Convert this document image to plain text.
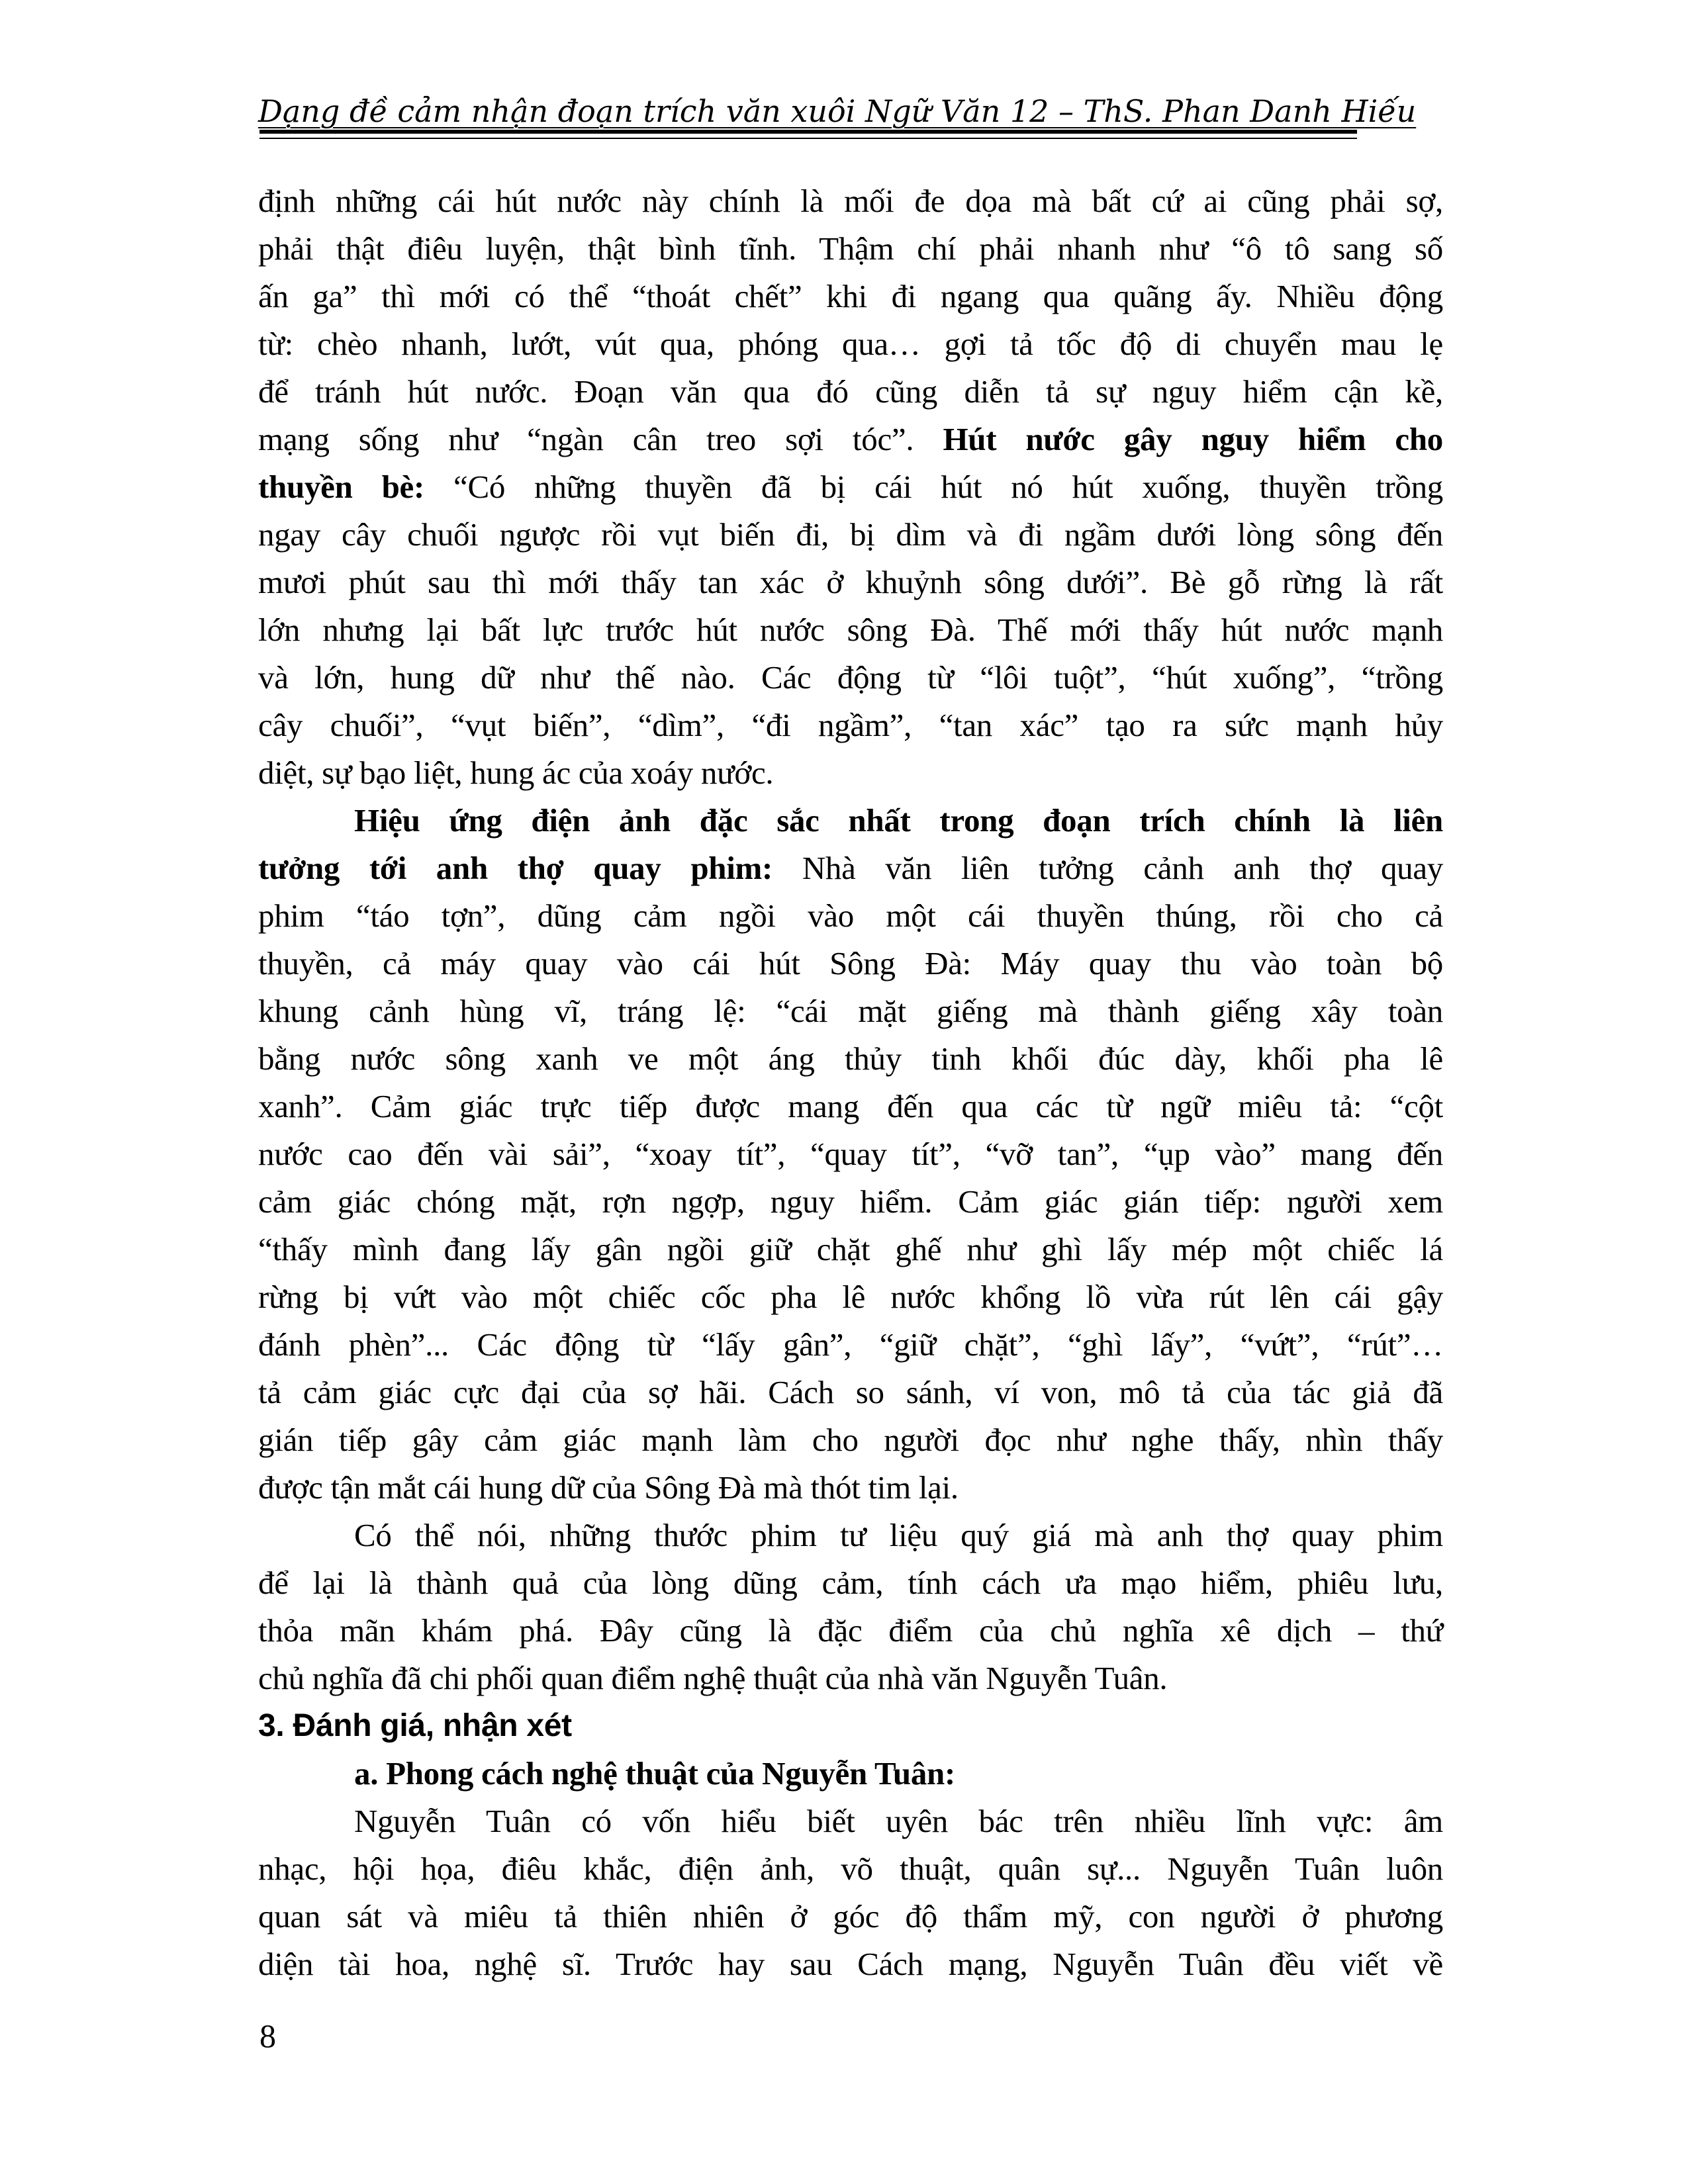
Dạng đề cảm nhận đoạn trích văn xuôi Ngữ Văn 12 – ThS. Phan Danh Hiếu
định những cái hút nước này chính là mối đe dọa mà bất cứ ai cũng phải sợ,
phải thật điêu luyện, thật bình tĩnh. Thậm chí phải nhanh như “ô tô sang số
ấn ga” thì mới có thể “thoát chết” khi đi ngang qua quãng ấy. Nhiều động
từ: chèo nhanh, lướt, vút qua, phóng qua… gợi tả tốc độ di chuyển mau lẹ
để tránh hút nước. Đoạn văn qua đó cũng diễn tả sự nguy hiểm cận kề,
mạng sống như “ngàn cân treo sợi tóc”. Hút nước gây nguy hiểm cho
thuyền bè: “Có những thuyền đã bị cái hút nó hút xuống, thuyền trồng
ngay cây chuối ngược rồi vụt biến đi, bị dìm và đi ngầm dưới lòng sông đến
mươi phút sau thì mới thấy tan xác ở khuỷnh sông dưới”. Bè gỗ rừng là rất
lớn nhưng lại bất lực trước hút nước sông Đà. Thế mới thấy hút nước mạnh
và lớn, hung dữ như thế nào. Các động từ “lôi tuột”, “hút xuống”, “trồng
cây chuối”, “vụt biến”, “dìm”, “đi ngầm”, “tan xác” tạo ra sức mạnh hủy
diệt, sự bạo liệt, hung ác của xoáy nước.
Hiệu ứng điện ảnh đặc sắc nhất trong đoạn trích chính là liên
tưởng tới anh thợ quay phim: Nhà văn liên tưởng cảnh anh thợ quay
phim “táo tợn”, dũng cảm ngồi vào một cái thuyền thúng, rồi cho cả
thuyền, cả máy quay vào cái hút Sông Đà: Máy quay thu vào toàn bộ
khung cảnh hùng vĩ, tráng lệ: “cái mặt giếng mà thành giếng xây toàn
bằng nước sông xanh ve một áng thủy tinh khối đúc dày, khối pha lê
xanh”. Cảm giác trực tiếp được mang đến qua các từ ngữ miêu tả: “cột
nước cao đến vài sải”, “xoay tít”, “quay tít”, “vỡ tan”, “ụp vào” mang đến
cảm giác chóng mặt, rợn ngợp, nguy hiểm. Cảm giác gián tiếp: người xem
“thấy mình đang lấy gân ngồi giữ chặt ghế như ghì lấy mép một chiếc lá
rừng bị vứt vào một chiếc cốc pha lê nước khổng lồ vừa rút lên cái gậy
đánh phèn”... Các động từ “lấy gân”, “giữ chặt”, “ghì lấy”, “vứt”, “rút”…
tả cảm giác cực đại của sợ hãi. Cách so sánh, ví von, mô tả của tác giả đã
gián tiếp gây cảm giác mạnh làm cho người đọc như nghe thấy, nhìn thấy
được tận mắt cái hung dữ của Sông Đà mà thót tim lại.
Có thể nói, những thước phim tư liệu quý giá mà anh thợ quay phim
để lại là thành quả của lòng dũng cảm, tính cách ưa mạo hiểm, phiêu lưu,
thỏa mãn khám phá. Đây cũng là đặc điểm của chủ nghĩa xê dịch – thứ
chủ nghĩa đã chi phối quan điểm nghệ thuật của nhà văn Nguyễn Tuân.
3. Đánh giá, nhận xét
a. Phong cách nghệ thuật của Nguyễn Tuân:
Nguyễn Tuân có vốn hiểu biết uyên bác trên nhiều lĩnh vực: âm
nhạc, hội họa, điêu khắc, điện ảnh, võ thuật, quân sự... Nguyễn Tuân luôn
quan sát và miêu tả thiên nhiên ở góc độ thẩm mỹ, con người ở phương
diện tài hoa, nghệ sĩ. Trước hay sau Cách mạng, Nguyễn Tuân đều viết về
8
